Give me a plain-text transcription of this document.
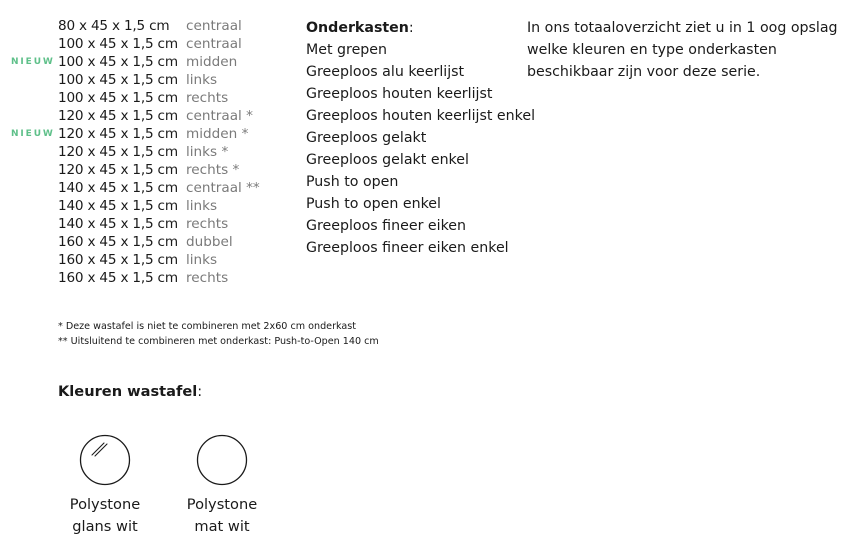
80 x 45 x 1,5 cm centraal
100 x 45 x 1,5 cm centraal
NIEUW 100 x 45 x 1,5 cm midden
100 x 45 x 1,5 cm links
100 x 45 x 1,5 cm rechts
120 x 45 x 1,5 cm centraal *
NIEUW 120 x 45 x 1,5 cm midden *
120 x 45 x 1,5 cm links *
120 x 45 x 1,5 cm rechts *
140 x 45 x 1,5 cm centraal **
140 x 45 x 1,5 cm links
140 x 45 x 1,5 cm rechts
160 x 45 x 1,5 cm dubbel
160 x 45 x 1,5 cm links
160 x 45 x 1,5 cm rechts
Onderkasten:
Met grepen
Greeploos alu keerlijst
Greeploos houten keerlijst
Greeploos houten keerlijst enkel
Greeploos gelakt
Greeploos gelakt enkel
Push to open
Push to open enkel
Greeploos fineer eiken
Greeploos fineer eiken enkel
In ons totaaloverzicht ziet u in 1 oog opslag
welke kleuren en type onderkasten
beschikbaar zijn voor deze serie.
* Deze wastafel is niet te combineren met 2x60 cm onderkast
** Uitsluitend te combineren met onderkast: Push-to-Open 140 cm
Kleuren wastafel:
Polystone
glans wit
Polystone
mat wit
